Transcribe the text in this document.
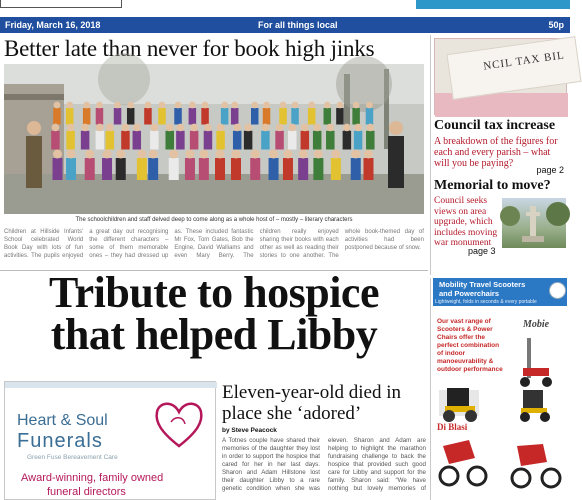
Friday, March 16, 2018	For all things local	50p
Better late than never for book high jinks
The schoolchildren and staff delved deep to come along as a whole host of – mostly – literary characters
Children at Hillside Infants' School celebrated World Book Day with lots of fun activities. The pupils enjoyed a great day out recognising the different characters – some of them memorable ones – they had dressed up as. These included fantastic Mr Fox, Tom Gates, Bob the Engine, David Walliams and even Mary Berry. The children really enjoyed sharing their books with each other as well as reading their stories to one another. The whole book-themed day of activities had been postponed because of snow.
NCIL TAX BIL
Council tax increase
A breakdown of the figures for each and every parish – what will you be paying?
page 2
Memorial to move?
Council seeks views on area upgrade, which includes moving war monument
page 3
Tribute to hospice
that helped Libby
Heart & Soul
Funerals
Green Fuse Bereavement Care
Award-winning, family owned
funeral directors
Eleven-year-old died in place she ‘adored’
by Steve Peacock
A Totnes couple have shared their memories of the daughter they lost in order to support the hospice that cared for her in her last days. Sharon and Adam Hillstone lost their daughter Libby to a rare genetic condition when she was eleven. Sharon and Adam are helping to highlight the marathon fundraising challenge to back the hospice that provided such good care for Libby and support for the family. Sharon said: “We have nothing but lovely memories of
Mobility Travel Scooters
and Powerchairs
Lightweight, folds in seconds & every portable
Our vast range of Scooters & Power Chairs offer the perfect combination of indoor manoeuvrability & outdoor performance
Mobie
Di Blasi
